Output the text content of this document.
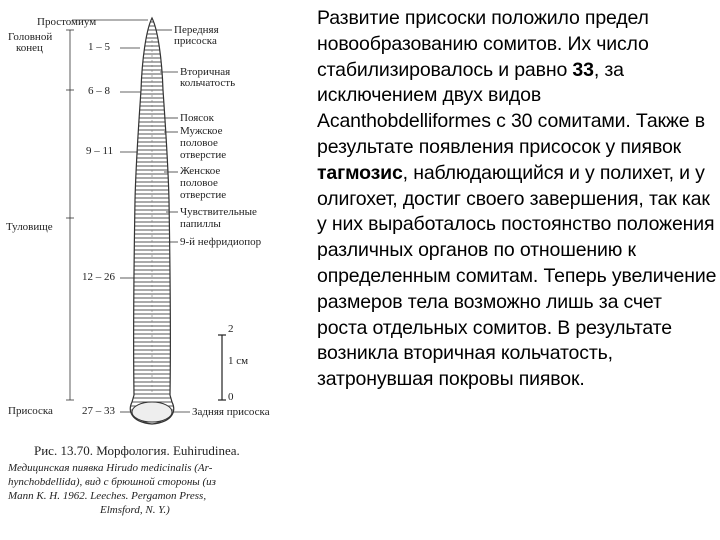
Простомиум
Головной
конец
Туловище
Присоска
1 – 5
6 – 8
9 – 11
12 – 26
27 – 33
Передняя
присоска
Вторичная
кольчатость
Поясок
Мужское
половое
отверстие
Женское
половое
отверстие
Чувствительные
папиллы
9-й нефридиопор
Задняя присоска
2
1 см
0
Рис. 13.70. Морфология. Euhirudinea.
Медицинская пиявка Hirudo medicinalis (Ar-
hynchobdellida), вид с брюшной стороны (из
Mann K. H. 1962. Leeches. Pergamon Press,
Elmsford, N. Y.)

Развитие присоски положило предел новообразованию сомитов. Их число стабилизировалось и равно 33, за исключением двух видов Acanthobdelliformes с 30 сомитами. Также в результате появления присосок у пиявок тагмозис, наблюдающийся и у полихет, и у олигохет, достиг своего завершения, так как у них выработалось постоянство положения различных органов по отношению к определенным сомитам. Теперь увеличение размеров тела возможно лишь за счет роста отдельных сомитов. В результате возникла вторичная кольчатость, затронувшая покровы пиявок.
